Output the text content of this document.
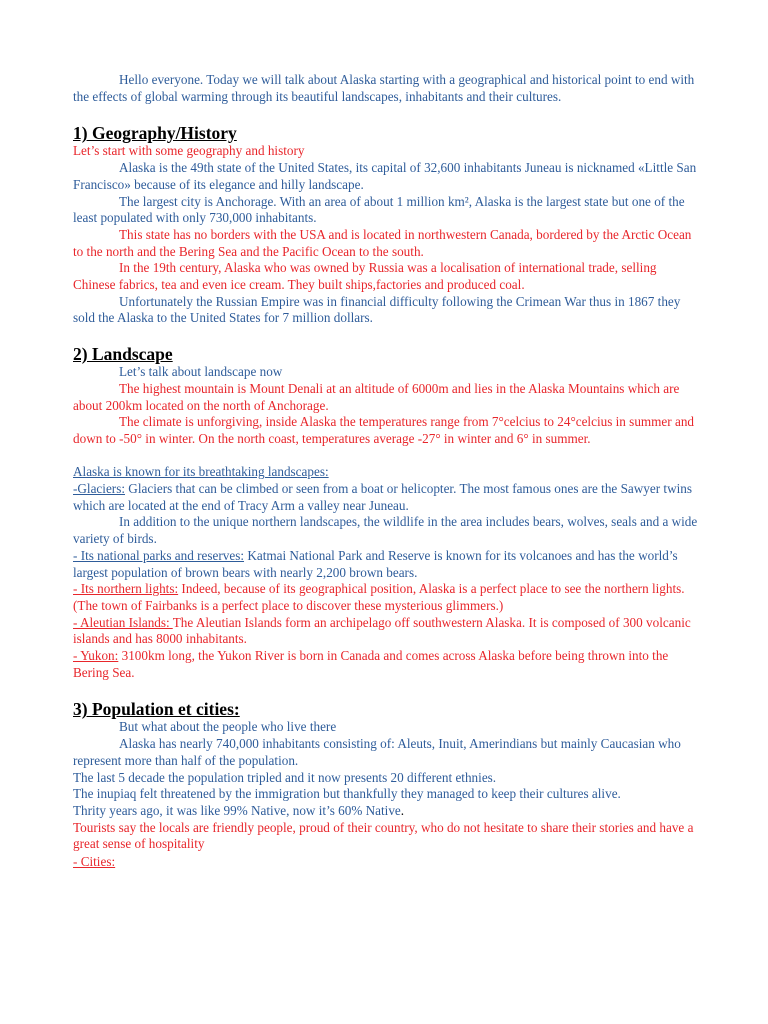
Hello everyone. Today we will talk about Alaska starting with a geographical and historical point to end with the effects of global warming through its beautiful landscapes, inhabitants and their cultures.

1) Geography/History

Let’s start with some geography and history

Alaska is the 49th state of the United States, its capital of 32,600 inhabitants Juneau is nicknamed «Little San Francisco» because of its elegance and hilly landscape.

The largest city is Anchorage. With an area of about 1 million km², Alaska is the largest state but one of the least populated with only 730,000 inhabitants.

This state has no borders with the USA and is located in northwestern Canada, bordered by the Arctic Ocean to the north and the Bering Sea and the Pacific Ocean to the south.

In the 19th century, Alaska who was owned by Russia was a localisation of international trade, selling Chinese fabrics, tea and even ice cream. They built ships,factories and produced coal.

Unfortunately the Russian Empire was in financial difficulty following the Crimean War thus in 1867 they sold the Alaska to the United States for 7 million dollars.

2) Landscape

Let’s talk about landscape now

The highest mountain is Mount Denali at an altitude of 6000m and lies in the Alaska Mountains which are about 200km located on the north of Anchorage.

The climate is unforgiving, inside Alaska the temperatures range from 7°celcius to 24°celcius in summer and down to -50° in winter. On the north coast, temperatures average -27° in winter and 6° in summer.

Alaska is known for its breathtaking landscapes:

-Glaciers: Glaciers that can be climbed or seen from a boat or helicopter. The most famous ones are the Sawyer twins which are located at the end of Tracy Arm a valley near Juneau.

In addition to the unique northern landscapes, the wildlife in the area includes bears, wolves, seals and a wide variety of birds.

- Its national parks and reserves: Katmai National Park and Reserve is known for its volcanoes and has the world’s largest population of brown bears with nearly 2,200 brown bears.

- Its northern lights: Indeed, because of its geographical position, Alaska is a perfect place to see the northern lights. (The town of Fairbanks is a perfect place to discover these mysterious glimmers.)

- Aleutian Islands: The Aleutian Islands form an archipelago off southwestern Alaska. It is composed of 300 volcanic islands and has 8000 inhabitants.

- Yukon: 3100km long, the Yukon River is born in Canada and comes across Alaska before being thrown into the Bering Sea.

3) Population et cities:

But what about the people who live there

Alaska has nearly 740,000 inhabitants consisting of: Aleuts, Inuit, Amerindians but mainly Caucasian who represent more than half of the population.

The last 5 decade the population tripled and it now presents 20 different ethnies.

The inupiaq felt threatened by the immigration but thankfully they managed to keep their cultures alive.

Thrity years ago, it was like 99% Native, now it’s 60% Native.

Tourists say the locals are friendly people, proud of their country, who do not hesitate to share their stories and have a great sense of hospitality

- Cities:
